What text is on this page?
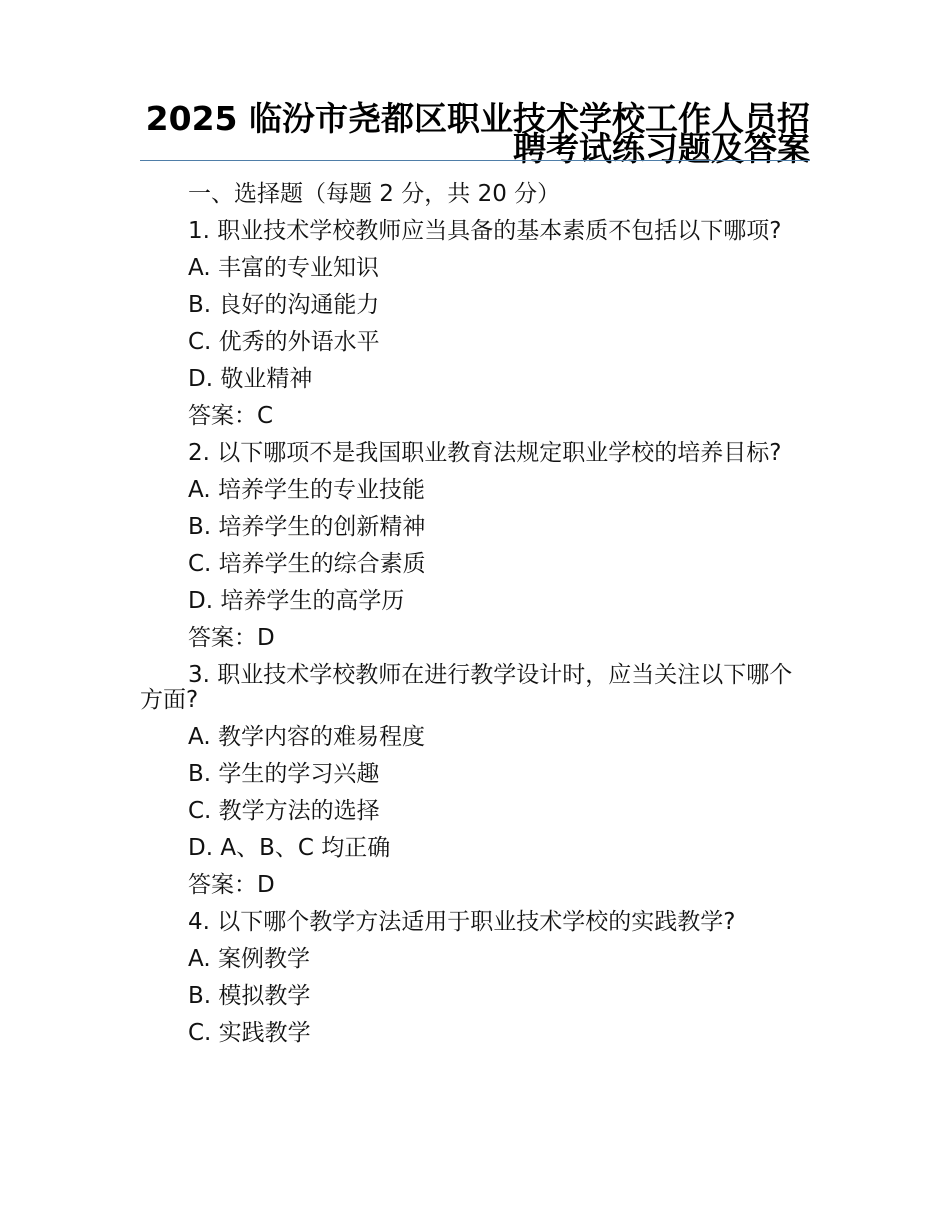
2025 临汾市尧都区职业技术学校工作人员招聘考试练习题及答案

一、选择题（每题 2 分，共 20 分）

1. 职业技术学校教师应当具备的基本素质不包括以下哪项?

A. 丰富的专业知识

B. 良好的沟通能力

C. 优秀的外语水平

D. 敬业精神

答案：C

2. 以下哪项不是我国职业教育法规定职业学校的培养目标?

A. 培养学生的专业技能

B. 培养学生的创新精神

C. 培养学生的综合素质

D. 培养学生的高学历

答案：D

3. 职业技术学校教师在进行教学设计时，应当关注以下哪个方面?

A. 教学内容的难易程度

B. 学生的学习兴趣

C. 教学方法的选择

D. A、B、C 均正确

答案：D

4. 以下哪个教学方法适用于职业技术学校的实践教学?

A. 案例教学

B. 模拟教学

C. 实践教学
